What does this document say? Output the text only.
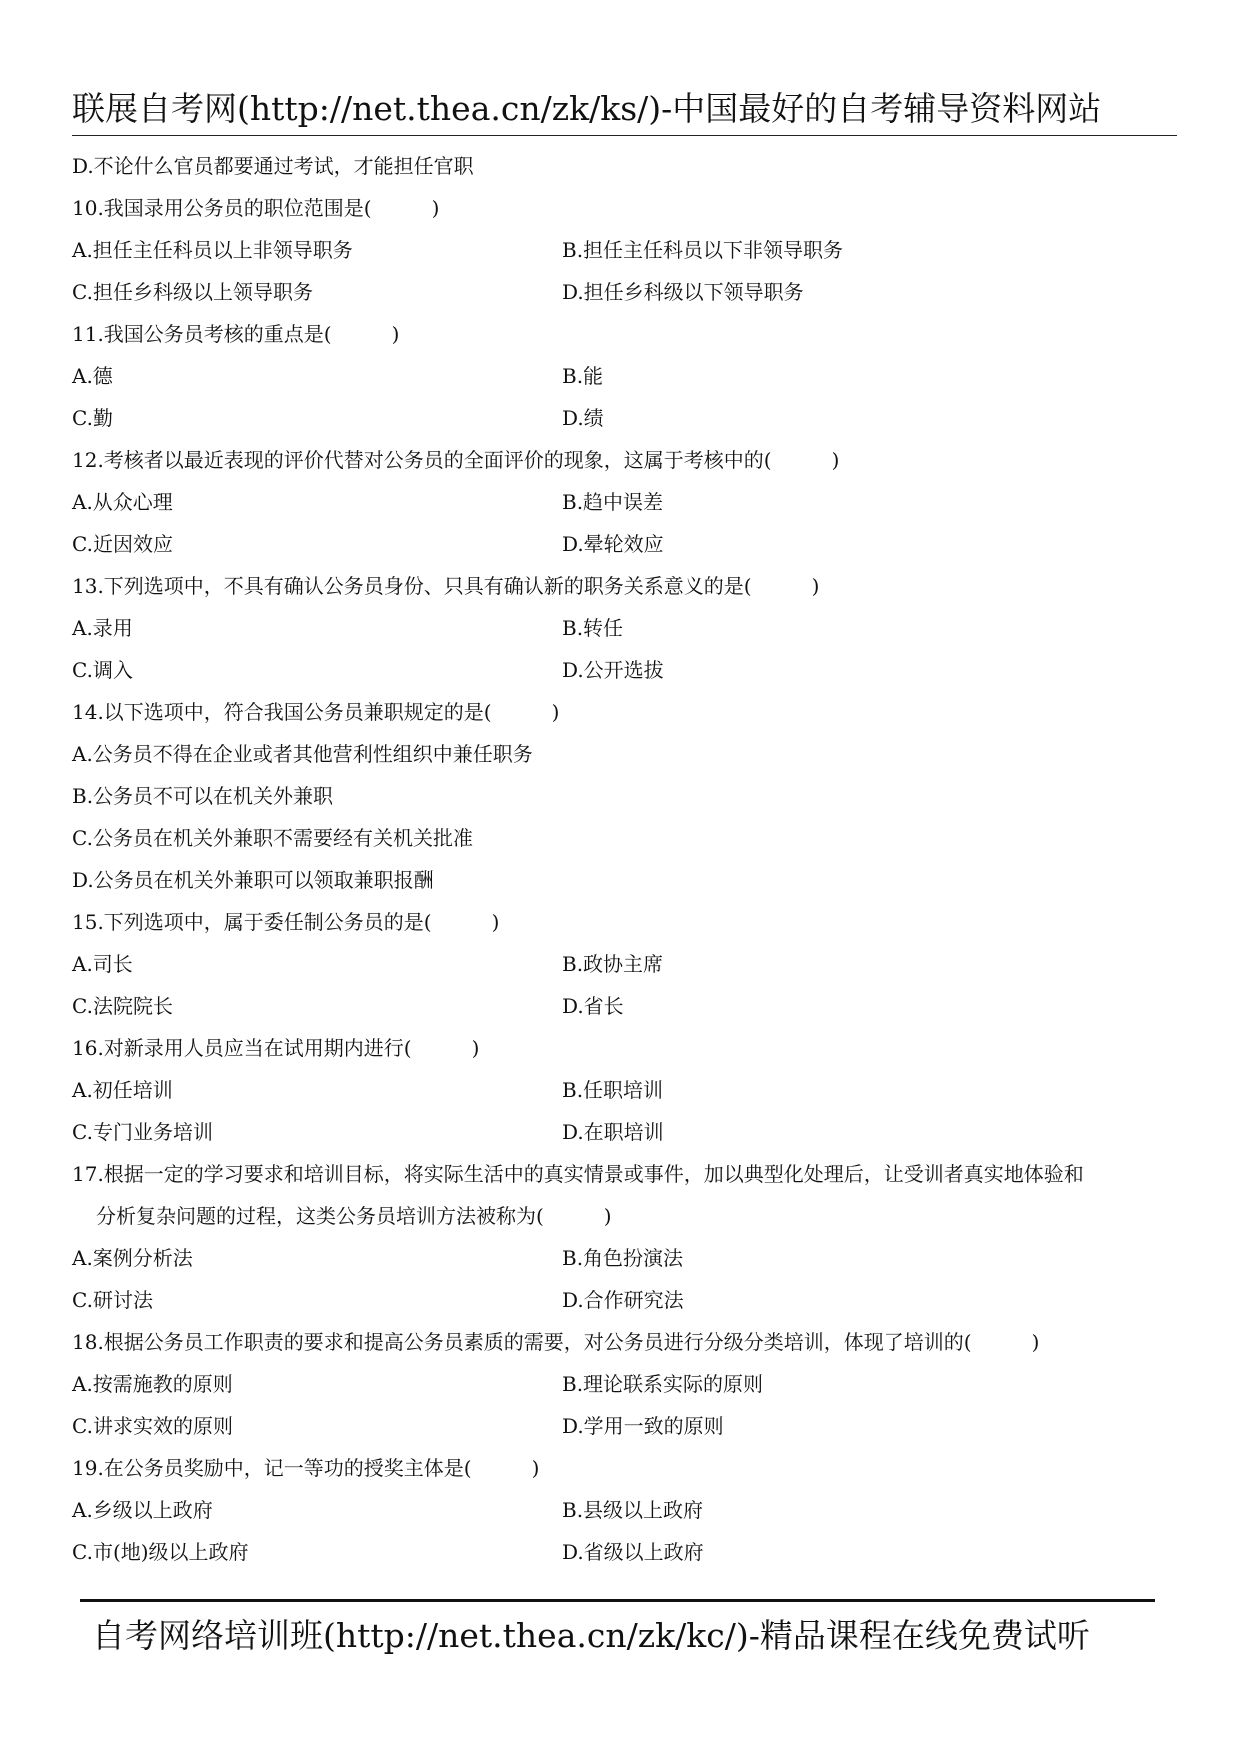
联展自考网(http://net.thea.cn/zk/ks/)-中国最好的自考辅导资料网站
D.不论什么官员都要通过考试，才能担任官职
10.我国录用公务员的职位范围是(　　　)
A.担任主任科员以上非领导职务	B.担任主任科员以下非领导职务
C.担任乡科级以上领导职务	D.担任乡科级以下领导职务
11.我国公务员考核的重点是(　　　)
A.德	B.能
C.勤	D.绩
12.考核者以最近表现的评价代替对公务员的全面评价的现象，这属于考核中的(　　　)
A.从众心理	B.趋中误差
C.近因效应	D.晕轮效应
13.下列选项中，不具有确认公务员身份、只具有确认新的职务关系意义的是(　　　)
A.录用	B.转任
C.调入	D.公开选拔
14.以下选项中，符合我国公务员兼职规定的是(　　　)
A.公务员不得在企业或者其他营利性组织中兼任职务
B.公务员不可以在机关外兼职
C.公务员在机关外兼职不需要经有关机关批准
D.公务员在机关外兼职可以领取兼职报酬
15.下列选项中，属于委任制公务员的是(　　　)
A.司长	B.政协主席
C.法院院长	D.省长
16.对新录用人员应当在试用期内进行(　　　)
A.初任培训	B.任职培训
C.专门业务培训	D.在职培训
17.根据一定的学习要求和培训目标，将实际生活中的真实情景或事件，加以典型化处理后，让受训者真实地体验和
分析复杂问题的过程，这类公务员培训方法被称为(　　　)
A.案例分析法	B.角色扮演法
C.研讨法	D.合作研究法
18.根据公务员工作职责的要求和提高公务员素质的需要，对公务员进行分级分类培训，体现了培训的(　　　)
A.按需施教的原则	B.理论联系实际的原则
C.讲求实效的原则	D.学用一致的原则
19.在公务员奖励中，记一等功的授奖主体是(　　　)
A.乡级以上政府	B.县级以上政府
C.市(地)级以上政府	D.省级以上政府
自考网络培训班(http://net.thea.cn/zk/kc/)-精品课程在线免费试听
